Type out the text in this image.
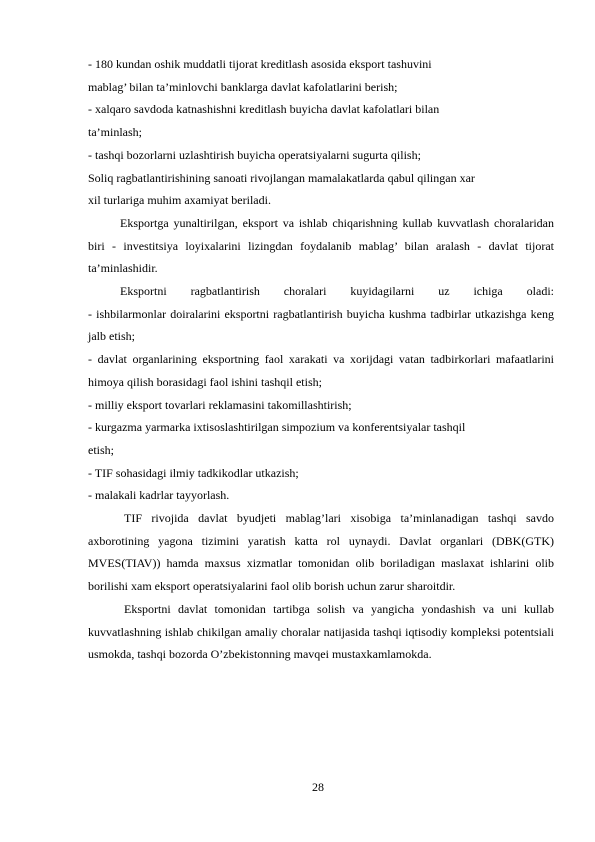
- 180 kundan oshik muddatli tijorat kreditlash asosida eksport tashuvini
mablag’ bilan ta’minlovchi banklarga davlat kafolatlarini berish;
- xalqaro savdoda katnashishni kreditlash buyicha davlat kafolatlari bilan
ta’minlash;
- tashqi bozorlarni uzlashtirish buyicha operatsiyalarni sugurta qilish;
Soliq ragbatlantirishining sanoati rivojlangan mamalakatlarda qabul qilingan xar
xil turlariga muhim axamiyat beriladi.

Eksportga yunaltirilgan, eksport va ishlab chiqarishning kullab kuvvatlash choralaridan biri - investitsiya loyixalarini lizingdan foydalanib mablag’ bilan aralash - davlat tijorat ta’minlashidir.

Eksportni ragbatlantirish choralari kuyidagilarni uz ichiga oladi:

- ishbilarmonlar doiralarini eksportni ragbatlantirish buyicha kushma tadbirlar utkazishga keng jalb etish;

- davlat organlarining eksportning faol xarakati va xorijdagi vatan tadbirkorlari mafaatlarini himoya qilish borasidagi faol ishini tashqil etish;

- milliy eksport tovarlari reklamasini takomillashtirish;
- kurgazma yarmarka ixtisoslashtirilgan simpozium va konferentsiyalar tashqil
etish;
- TIF sohasidagi ilmiy tadkikodlar utkazish;
- malakali kadrlar tayyorlash.

TIF rivojida davlat byudjeti mablag’lari xisobiga ta’minlanadigan tashqi savdo axborotining yagona tizimini yaratish katta rol uynaydi. Davlat organlari (DBK(GTK) MVES(TIAV)) hamda maxsus xizmatlar tomonidan olib boriladigan maslaxat ishlarini olib borilishi xam eksport operatsiyalarini faol olib borish uchun zarur sharoitdir.

Eksportni davlat tomonidan tartibga solish va yangicha yondashish va uni kullab kuvvatlashning ishlab chikilgan amaliy choralar natijasida tashqi iqtisodiy kompleksi potentsiali usmokda, tashqi bozorda O’zbekistonning mavqei mustaxkamlamokda.

28
